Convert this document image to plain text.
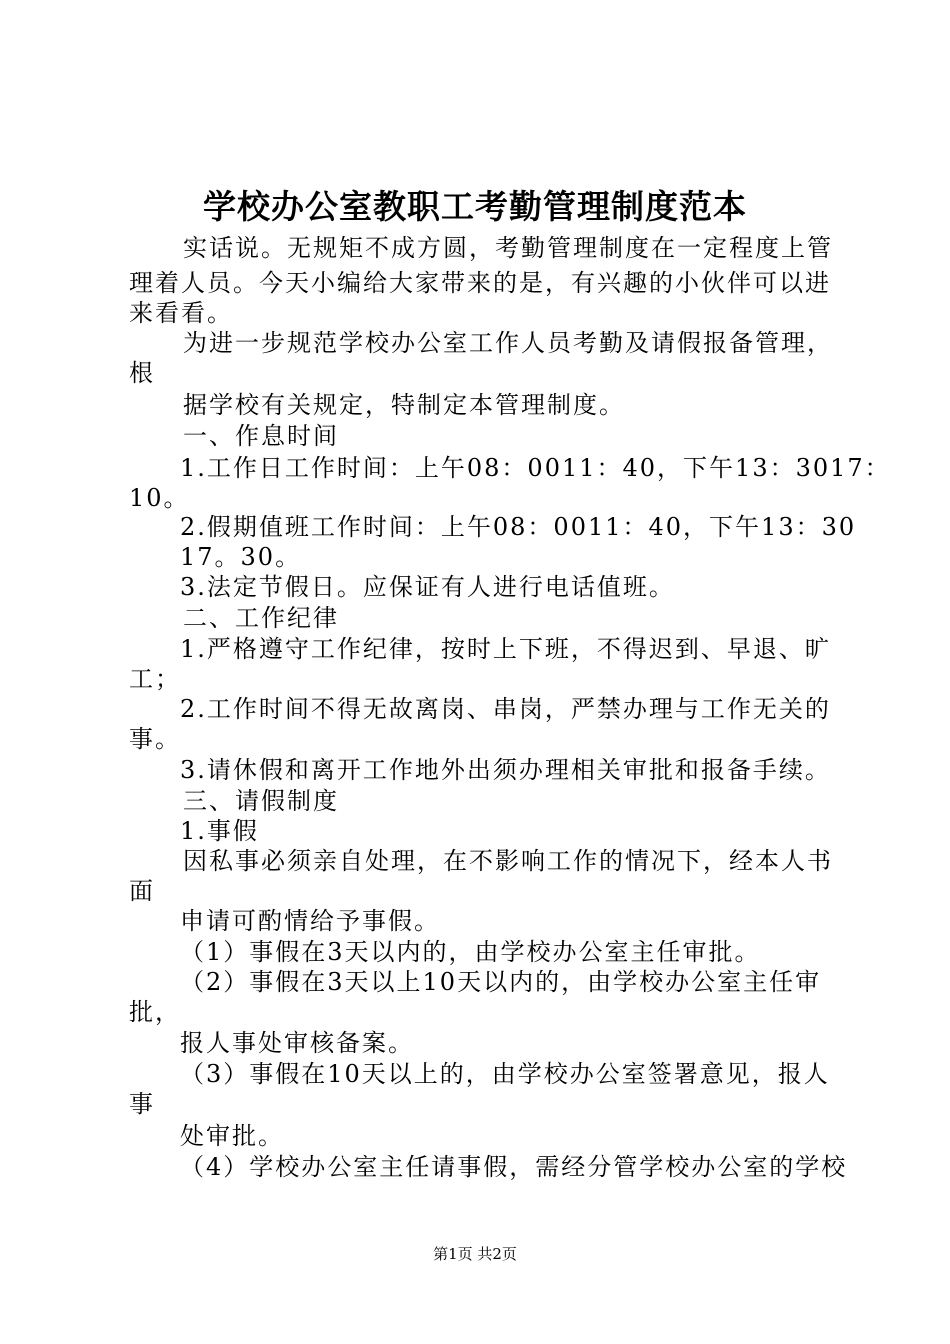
学校办公室教职工考勤管理制度范本

实话说。无规矩不成方圆，考勤管理制度在一定程度上管

理着人员。今天小编给大家带来的是，有兴趣的小伙伴可以进

来看看。

为进一步规范学校办公室工作人员考勤及请假报备管理，

根

据学校有关规定，特制定本管理制度。

一、作息时间

1.工作日工作时间：上午08：0011：40，下午13：3017：

10。

2.假期值班工作时间：上午08：0011：40，下午13：30

17。30。

3.法定节假日。应保证有人进行电话值班。

二、工作纪律

1.严格遵守工作纪律，按时上下班，不得迟到、早退、旷

工；

2.工作时间不得无故离岗、串岗，严禁办理与工作无关的

事。

3.请休假和离开工作地外出须办理相关审批和报备手续。

三、请假制度

1.事假

因私事必须亲自处理，在不影响工作的情况下，经本人书

面

申请可酌情给予事假。

（1）事假在3天以内的，由学校办公室主任审批。

（2）事假在3天以上10天以内的，由学校办公室主任审

批，

报人事处审核备案。

（3）事假在10天以上的，由学校办公室签署意见，报人

事

处审批。

（4）学校办公室主任请事假，需经分管学校办公室的学校

第1页 共2页
